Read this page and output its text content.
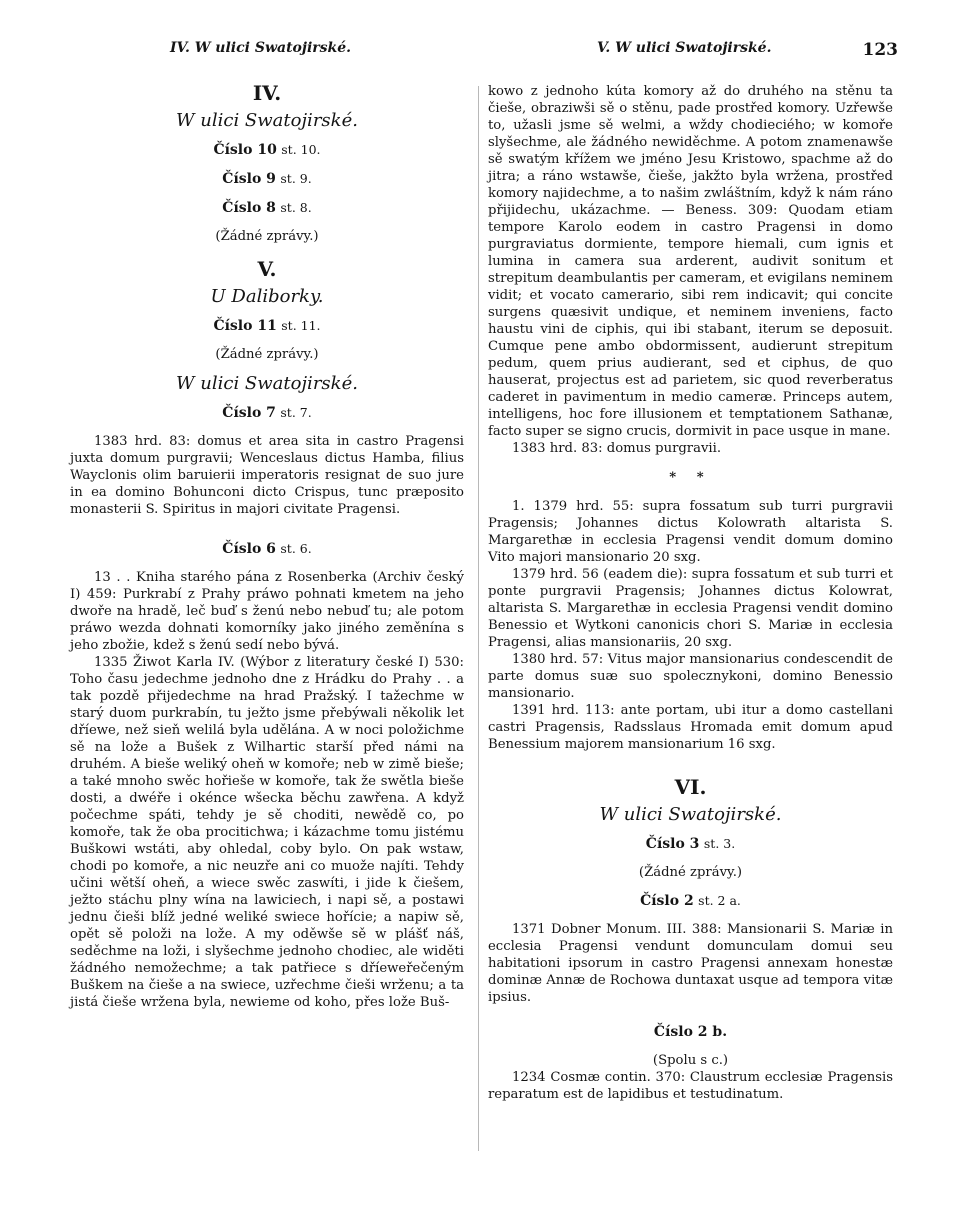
IV. W ulici Swatojirské.	V. W ulici Swatojirské.	123
IV.
W ulici Swatojirské.
Číslo 10 st. 10.
Číslo 9 st. 9.
Číslo 8 st. 8.
(Žádné zprávy.)
V.
U Daliborky.
Číslo 11 st. 11.
(Žádné zprávy.)
W ulici Swatojirské.
Číslo 7 st. 7.

1383 hrd. 83: domus et area sita in castro Pragensi juxta domum purgravii; Wenceslaus dictus Hamba, filius Wayclonis olim baruierii imperatoris resignat de suo jure in ea domino Bohunconi dicto Crispus, tunc præposito monasterii S. Spiritus in majori civitate Pragensi.

Číslo 6 st. 6.

13 . . Kniha starého pána z Rosenberka (Archiv český I) 459: Purkrabí z Prahy práwo pohnati kmetem na jeho dwoře na hradě, leč buď s ženú nebo nebuď tu; ale potom práwo wezda dohnati komorníky jako jiného zeměnína s jeho zbožie, kdež s ženú sedí nebo bývá.

1335 Žiwot Karla IV. (Wýbor z literatury české I) 530: Toho času jedechme jednoho dne z Hrádku do Prahy . . a tak pozdě přijedechme na hrad Pražský. I tažechme w starý duom purkrabín, tu ježto jsme přebýwali několik let dříewe, než sieň welilá byla udělána. A w noci položichme sě na lože a Bušek z Wilhartic starší před námi na druhém. A bieše weliký oheň w komoře; neb w zimě bieše; a také mnoho swěc hořieše w komoře, tak že swětla bieše dosti, a dwéře i okénce wšecka běchu zawřena. A když počechme spáti, tehdy je sě choditi, newědě co, po komoře, tak že oba procitichwa; i kázachme tomu jistému Buškowi wstáti, aby ohledal, coby bylo. On pak wstaw, chodi po komoře, a nic neuzře ani co muože najíti. Tehdy učini wětší oheň, a wiece swěc zaswíti, i jide k čiešem, ježto stáchu plny wína na lawiciech, i napi sě, a postawi jednu čieši blíž jedné weliké swiece hořície; a napiw sě, opět sě položi na lože. A my oděwše sě w plášť náš, seděchme na loži, i slyšechme jednoho chodiec, ale widěti žádného nemožechme; a tak patřiece s dříeweřečeným Buškem na čieše a na swiece, uzřechme čieši wrženu; a ta jistá čieše wržena byla, newieme od koho, přes lože Buš-

kowo z jednoho kúta komory až do druhého na stěnu ta čieše, obraziwši sě o stěnu, pade prostřed komory. Uzřewše to, užasli jsme sě welmi, a wždy chodieciého; w komoře slyšechme, ale žádného newiděchme. A potom znamenawše sě swatým křížem we jméno Jesu Kristowo, spachme až do jitra; a ráno wstawše, čieše, jakžto byla wržena, prostřed komory najidechme, a to našim zwláštním, když k nám ráno přijidechu, ukázachme. — Beness. 309: Quodam etiam tempore Karolo eodem in castro Pragensi in domo purgraviatus dormiente, tempore hiemali, cum ignis et lumina in camera sua arderent, audivit sonitum et strepitum deambulantis per cameram, et evigilans neminem vidit; et vocato camerario, sibi rem indicavit; qui concite surgens quæsivit undique, et neminem inveniens, facto haustu vini de ciphis, qui ibi stabant, iterum se deposuit. Cumque pene ambo obdormissent, audierunt strepitum pedum, quem prius audierant, sed et ciphus, de quo hauserat, projectus est ad parietem, sic quod reverberatus caderet in pavimentum in medio cameræ. Princeps autem, intelligens, hoc fore illusionem et temptationem Sathanæ, facto super se signo crucis, dormivit in pace usque in mane.

1383 hrd. 83: domus purgravii.

* *

1. 1379 hrd. 55: supra fossatum sub turri purgravii Pragensis; Johannes dictus Kolowrath altarista S. Margarethæ in ecclesia Pragensi vendit domum domino Vito majori mansionario 20 sxg.

1379 hrd. 56 (eadem die): supra fossatum et sub turri et ponte purgravii Pragensis; Johannes dictus Kolowrat, altarista S. Margarethæ in ecclesia Pragensi vendit domino Benessio et Wytkoni canonicis chori S. Mariæ in ecclesia Pragensi, alias mansionariis, 20 sxg.

1380 hrd. 57: Vitus major mansionarius condescendit de parte domus suæ suo spolecznykoni, domino Benessio mansionario.

1391 hrd. 113: ante portam, ubi itur a domo castellani castri Pragensis, Radsslaus Hromada emit domum apud Benessium majorem mansionarium 16 sxg.

VI.
W ulici Swatojirské.
Číslo 3 st. 3.
(Žádné zprávy.)
Číslo 2 st. 2 a.

1371 Dobner Monum. III. 388: Mansionarii S. Mariæ in ecclesia Pragensi vendunt domunculam domui seu habitationi ipsorum in castro Pragensi annexam honestæ dominæ Annæ de Rochowa duntaxat usque ad tempora vitæ ipsius.

Číslo 2 b.
(Spolu s c.)

1234 Cosmæ contin. 370: Claustrum ecclesiæ Pragensis reparatum est de lapidibus et testudinatum.
